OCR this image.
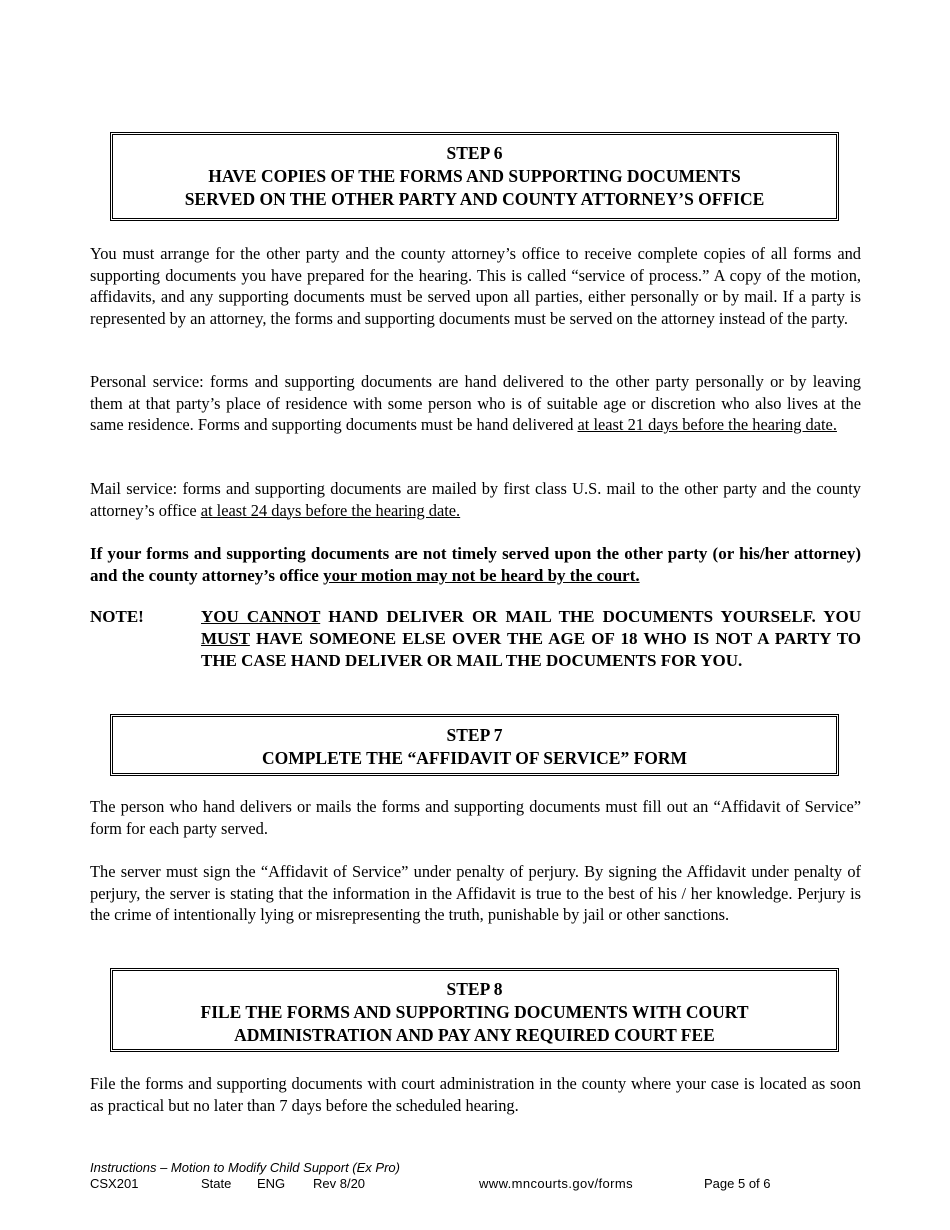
STEP 6
HAVE COPIES OF THE FORMS AND SUPPORTING DOCUMENTS
SERVED ON THE OTHER PARTY AND COUNTY ATTORNEY’S OFFICE
You must arrange for the other party and the county attorney’s office to receive complete copies of all forms and supporting documents you have prepared for the hearing. This is called “service of process.” A copy of the motion, affidavits, and any supporting documents must be served upon all parties, either personally or by mail. If a party is represented by an attorney, the forms and supporting documents must be served on the attorney instead of the party.
Personal service: forms and supporting documents are hand delivered to the other party personally or by leaving them at that party’s place of residence with some person who is of suitable age or discretion who also lives at the same residence. Forms and supporting documents must be hand delivered at least 21 days before the hearing date.
Mail service: forms and supporting documents are mailed by first class U.S. mail to the other party and the county attorney’s office at least 24 days before the hearing date.
If your forms and supporting documents are not timely served upon the other party (or his/her attorney) and the county attorney’s office your motion may not be heard by the court.
NOTE!	YOU CANNOT HAND DELIVER OR MAIL THE DOCUMENTS YOURSELF. YOU MUST HAVE SOMEONE ELSE OVER THE AGE OF 18 WHO IS NOT A PARTY TO THE CASE HAND DELIVER OR MAIL THE DOCUMENTS FOR YOU.
STEP 7
COMPLETE THE “AFFIDAVIT OF SERVICE” FORM
The person who hand delivers or mails the forms and supporting documents must fill out an “Affidavit of Service” form for each party served.
The server must sign the “Affidavit of Service” under penalty of perjury. By signing the Affidavit under penalty of perjury, the server is stating that the information in the Affidavit is true to the best of his / her knowledge. Perjury is the crime of intentionally lying or misrepresenting the truth, punishable by jail or other sanctions.
STEP 8
FILE THE FORMS AND SUPPORTING DOCUMENTS WITH COURT
ADMINISTRATION AND PAY ANY REQUIRED COURT FEE
File the forms and supporting documents with court administration in the county where your case is located as soon as practical but no later than 7 days before the scheduled hearing.
Instructions – Motion to Modify Child Support (Ex Pro)
CSX201	State ENG Rev 8/20	www.mncourts.gov/forms	Page 5 of 6
